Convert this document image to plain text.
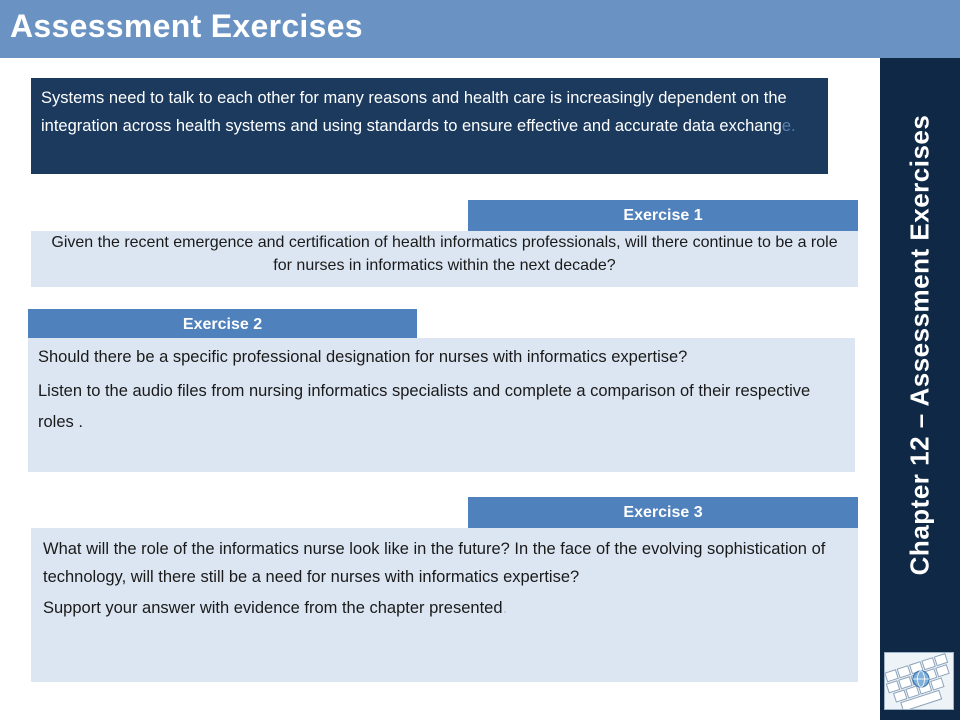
Assessment Exercises
Chapter 12 – Assessment Exercises
Systems need to talk to each other for many reasons and health care is increasingly dependent on the integration across health systems and using standards to ensure effective and accurate data exchange.
Exercise 1

Given the recent emergence and certification of health informatics professionals, will there continue to be a role for nurses in informatics within the next decade?

Exercise 2

Should there be a specific professional designation for nurses with informatics expertise?

Listen to the audio files from nursing informatics specialists and complete a comparison of their respective roles .

Exercise 3

What will the role of the informatics nurse look like in the future? In the face of the evolving sophistication of technology, will there still be a need for nurses with informatics expertise?

Support your answer with evidence from the chapter presented.
